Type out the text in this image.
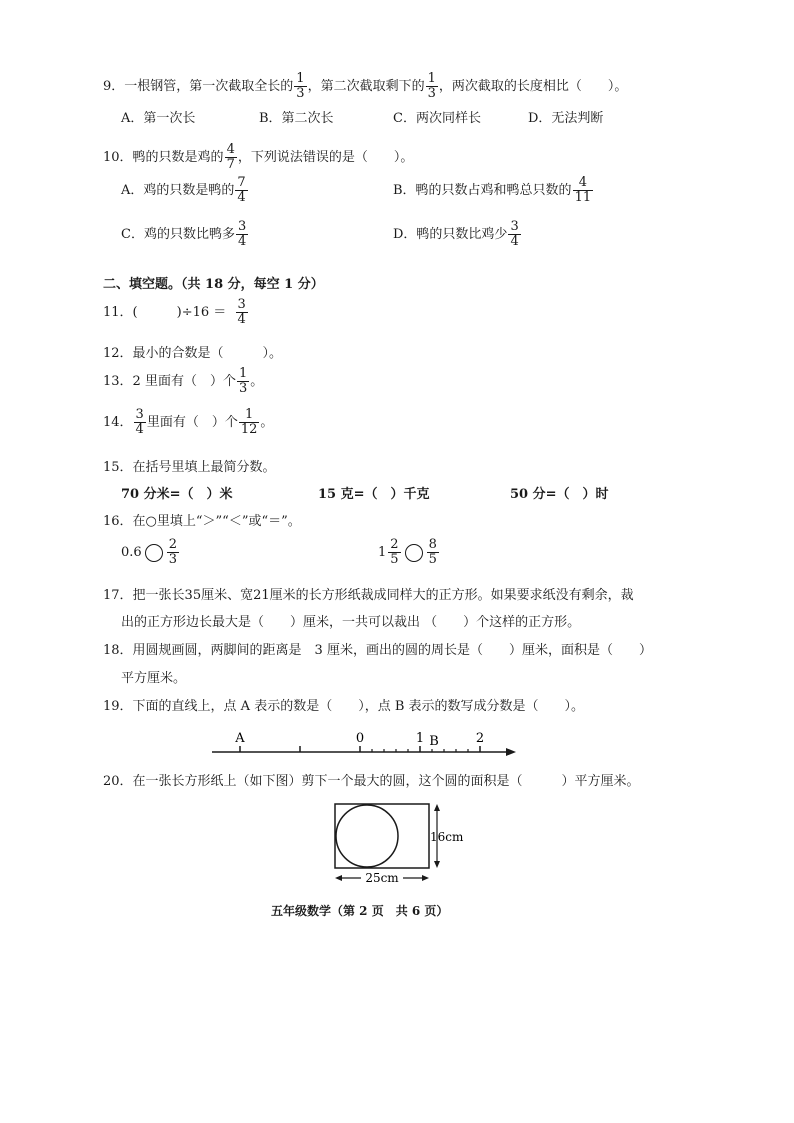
9．一根钢管，第一次截取全长的 $\frac{1}{3}$ ，第二次截取剩下的 $\frac{1}{3}$ ，两次截取的长度相比（　　）。
A．第一次长	B．第二次长	C．两次同样长	D．无法判断
10．鸭的只数是鸡的 $\frac{4}{7}$ ，下列说法错误的是（　　）。
A．鸡的只数是鸭的 $\frac{7}{4}$	B．鸭的只数占鸡和鸭总只数的 $\frac{4}{11}$
C．鸡的只数比鸭多 $\frac{3}{4}$	D．鸭的只数比鸡少 $\frac{3}{4}$
二、填空题。（共 18 分，每空 1 分）
11．(　　　)$\div 16 = \frac{3}{4}$
12．最小的合数是（　　　）。
13．2 里面有（　）个 $\frac{1}{3}$ 。
14． $\frac{3}{4}$ 里面有（　）个 $\frac{1}{12}$ 。
15．在括号里填上最简分数。
70 分米=（　）米	15 克=（　）千克	50 分=（　）时
16．在○里填上“＞”“＜”或“＝”。
$0.6 \frac{2}{3}$	$1 \frac{2}{5} \frac{8}{5}$
17．把一张长35厘米、宽21厘米的长方形纸裁成同样大的正方形。如果要求纸没有剩余，裁
出的正方形边长最大是（　　）厘米，一共可以裁出 （　　）个这样的正方形。
18．用圆规画圆，两脚间的距离是　3 厘米，画出的圆的周长是（　　）厘米，面积是（　　）
平方厘米。
19．下面的直线上，点 A 表示的数是（　　），点 B 表示的数写成分数是（　　）。
A	0	1 B	2
20．在一张长方形纸上（如下图）剪下一个最大的圆，这个圆的面积是（　　　）平方厘米。
16cm
25cm
五年级数学（第 2 页　共 6 页）
